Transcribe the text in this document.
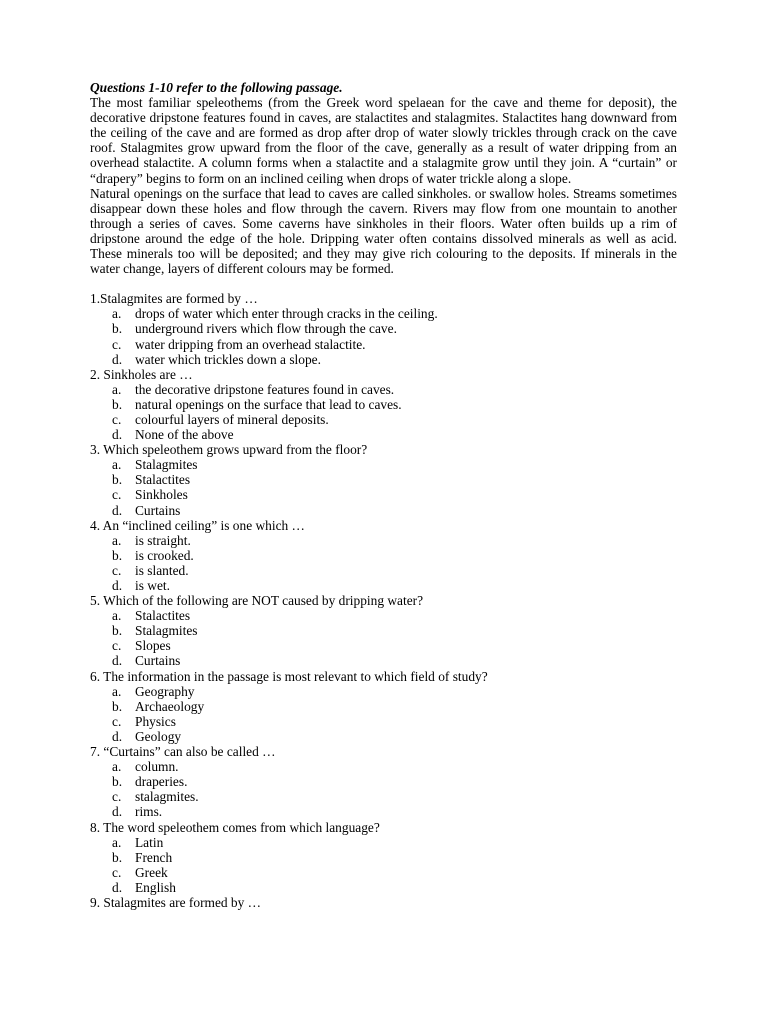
Questions 1-10 refer to the following passage.
The most familiar speleothems (from the Greek word spelaean for the cave and theme for deposit), the decorative dripstone features found in caves, are stalactites and stalagmites. Stalactites hang downward from the ceiling of the cave and are formed as drop after drop of water slowly trickles through crack on the cave roof. Stalagmites grow upward from the floor of the cave, generally as a result of water dripping from an overhead stalactite. A column forms when a stalactite and a stalagmite grow until they join. A “curtain” or “drapery” begins to form on an inclined ceiling when drops of water trickle along a slope.
Natural openings on the surface that lead to caves are called sinkholes. or swallow holes. Streams sometimes disappear down these holes and flow through the cavern. Rivers may flow from one mountain to another through a series of caves. Some caverns have sinkholes in their floors. Water often builds up a rim of dripstone around the edge of the hole. Dripping water often contains dissolved minerals as well as acid. These minerals too will be deposited; and they may give rich colouring to the deposits. If minerals in the water change, layers of different colours may be formed.
1.Stalagmites are formed by …
a. drops of water which enter through cracks in the ceiling.
b. underground rivers which flow through the cave.
c. water dripping from an overhead stalactite.
d. water which trickles down a slope.
2. Sinkholes are …
a. the decorative dripstone features found in caves.
b. natural openings on the surface that lead to caves.
c. colourful layers of mineral deposits.
d. None of the above
3. Which speleothem grows upward from the floor?
a. Stalagmites
b. Stalactites
c. Sinkholes
d. Curtains
4. An “inclined ceiling” is one which …
a. is straight.
b. is crooked.
c. is slanted.
d. is wet.
5. Which of the following are NOT caused by dripping water?
a. Stalactites
b. Stalagmites
c. Slopes
d. Curtains
6. The information in the passage is most relevant to which field of study?
a. Geography
b. Archaeology
c. Physics
d. Geology
7. “Curtains” can also be called …
a. column.
b. draperies.
c. stalagmites.
d. rims.
8. The word speleothem comes from which language?
a. Latin
b. French
c. Greek
d. English
9. Stalagmites are formed by …
